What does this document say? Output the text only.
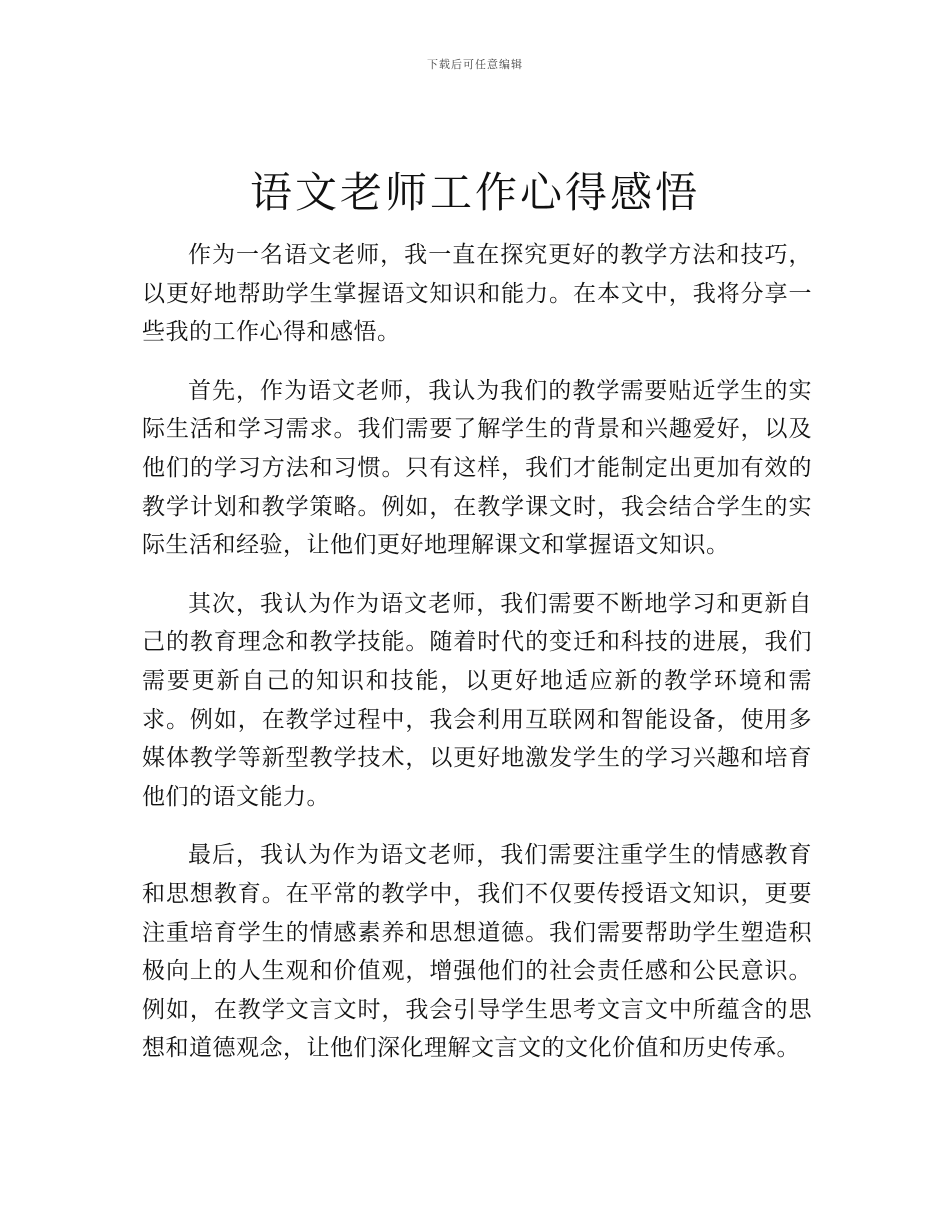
下载后可任意编辑
语文老师工作心得感悟

作为一名语文老师，我一直在探究更好的教学方法和技巧，以更好地帮助学生掌握语文知识和能力。在本文中，我将分享一些我的工作心得和感悟。

首先，作为语文老师，我认为我们的教学需要贴近学生的实际生活和学习需求。我们需要了解学生的背景和兴趣爱好，以及他们的学习方法和习惯。只有这样，我们才能制定出更加有效的教学计划和教学策略。例如，在教学课文时，我会结合学生的实际生活和经验，让他们更好地理解课文和掌握语文知识。

其次，我认为作为语文老师，我们需要不断地学习和更新自己的教育理念和教学技能。随着时代的变迁和科技的进展，我们需要更新自己的知识和技能，以更好地适应新的教学环境和需求。例如，在教学过程中，我会利用互联网和智能设备，使用多媒体教学等新型教学技术，以更好地激发学生的学习兴趣和培育他们的语文能力。

最后，我认为作为语文老师，我们需要注重学生的情感教育和思想教育。在平常的教学中，我们不仅要传授语文知识，更要注重培育学生的情感素养和思想道德。我们需要帮助学生塑造积极向上的人生观和价值观，增强他们的社会责任感和公民意识。例如，在教学文言文时，我会引导学生思考文言文中所蕴含的思想和道德观念，让他们深化理解文言文的文化价值和历史传承。
